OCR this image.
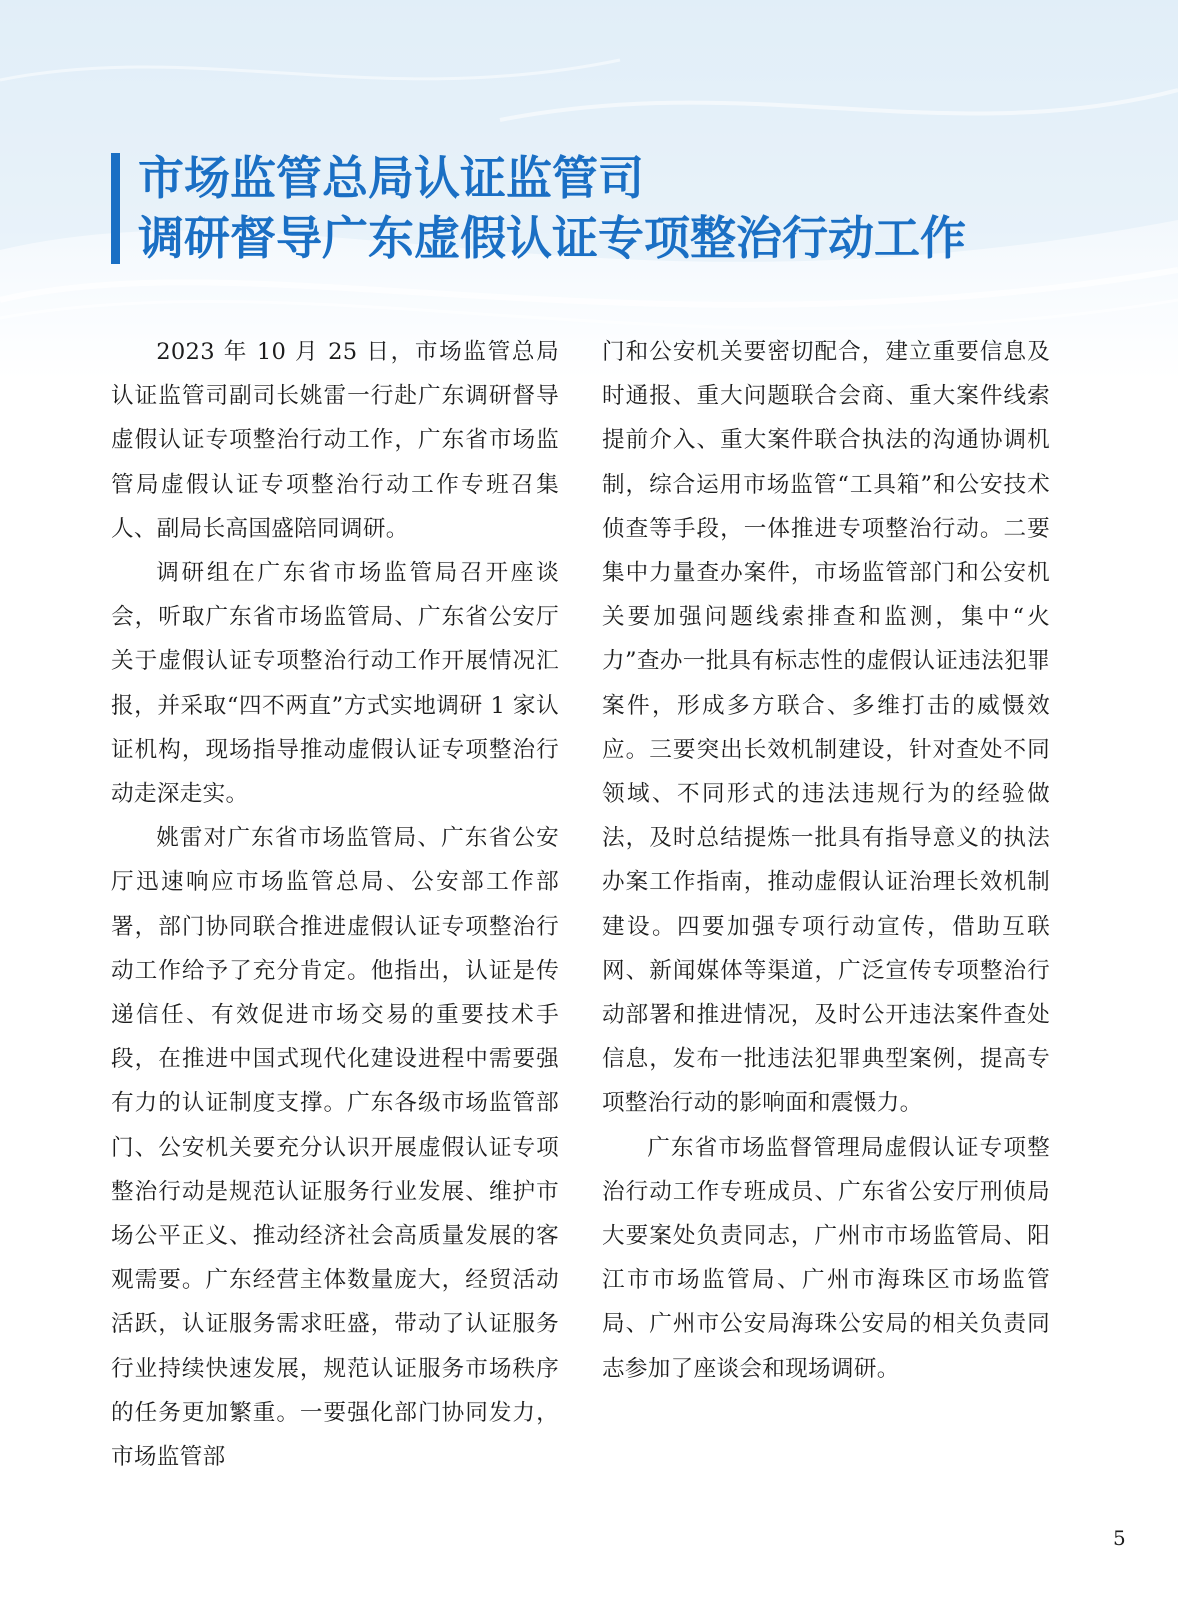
市场监管总局认证监管司
调研督导广东虚假认证专项整治行动工作

2023 年 10 月 25 日，市场监管总局认证监管司副司长姚雷一行赴广东调研督导虚假认证专项整治行动工作，广东省市场监管局虚假认证专项整治行动工作专班召集人、副局长高国盛陪同调研。

调研组在广东省市场监管局召开座谈会，听取广东省市场监管局、广东省公安厅关于虚假认证专项整治行动工作开展情况汇报，并采取“四不两直”方式实地调研 1 家认证机构，现场指导推动虚假认证专项整治行动走深走实。

姚雷对广东省市场监管局、广东省公安厅迅速响应市场监管总局、公安部工作部署，部门协同联合推进虚假认证专项整治行动工作给予了充分肯定。他指出，认证是传递信任、有效促进市场交易的重要技术手段，在推进中国式现代化建设进程中需要强有力的认证制度支撑。广东各级市场监管部门、公安机关要充分认识开展虚假认证专项整治行动是规范认证服务行业发展、维护市场公平正义、推动经济社会高质量发展的客观需要。广东经营主体数量庞大，经贸活动活跃，认证服务需求旺盛，带动了认证服务行业持续快速发展，规范认证服务市场秩序的任务更加繁重。一要强化部门协同发力，市场监管部

门和公安机关要密切配合，建立重要信息及时通报、重大问题联合会商、重大案件线索提前介入、重大案件联合执法的沟通协调机制，综合运用市场监管“工具箱”和公安技术侦查等手段，一体推进专项整治行动。二要集中力量查办案件，市场监管部门和公安机关要加强问题线索排查和监测，集中“火力”查办一批具有标志性的虚假认证违法犯罪案件，形成多方联合、多维打击的威慑效应。三要突出长效机制建设，针对查处不同领域、不同形式的违法违规行为的经验做法，及时总结提炼一批具有指导意义的执法办案工作指南，推动虚假认证治理长效机制建设。四要加强专项行动宣传，借助互联网、新闻媒体等渠道，广泛宣传专项整治行动部署和推进情况，及时公开违法案件查处信息，发布一批违法犯罪典型案例，提高专项整治行动的影响面和震慑力。

广东省市场监督管理局虚假认证专项整治行动工作专班成员、广东省公安厅刑侦局大要案处负责同志，广州市市场监管局、阳江市市场监管局、广州市海珠区市场监管局、广州市公安局海珠公安局的相关负责同志参加了座谈会和现场调研。

5
